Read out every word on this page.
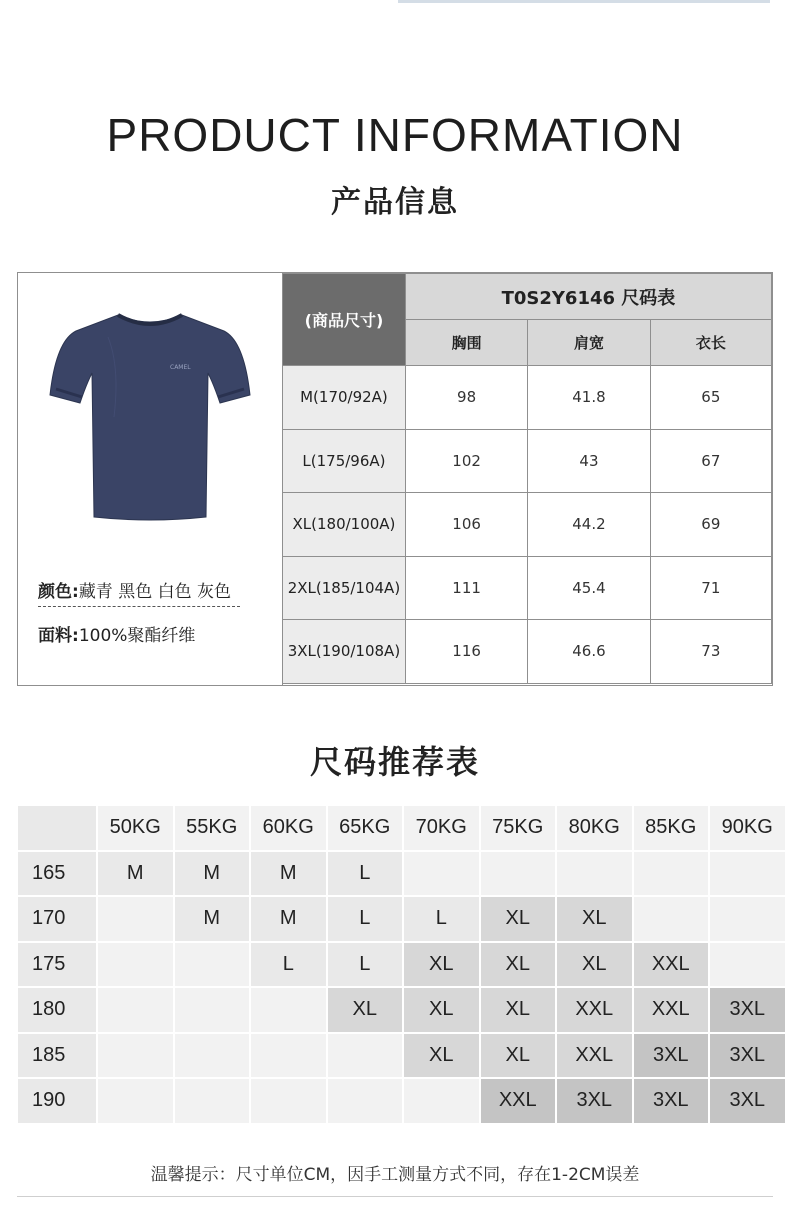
PRODUCT INFORMATION
产品信息
CAMEL
颜色:藏青 黑色 白色 灰色
面料:100%聚酯纤维
(商品尺寸)	T0S2Y6146 尺码表		
	胸围	肩宽	衣长
M(170/92A)	98	41.8	65
L(175/96A)	102	43	67
XL(180/100A)	106	44.2	69
2XL(185/104A)	111	45.4	71
3XL(190/108A)	116	46.6	73
尺码推荐表
	50KG	55KG	60KG	65KG	70KG	75KG	80KG	85KG	90KG
165	M	M	M	L					
170		M	M	L	L	XL	XL		
175			L	L	XL	XL	XL	XXL	
180				XL	XL	XL	XXL	XXL	3XL
185					XL	XL	XXL	3XL	3XL
190						XXL	3XL	3XL	3XL
温馨提示：尺寸单位CM，因手工测量方式不同，存在1-2CM误差
